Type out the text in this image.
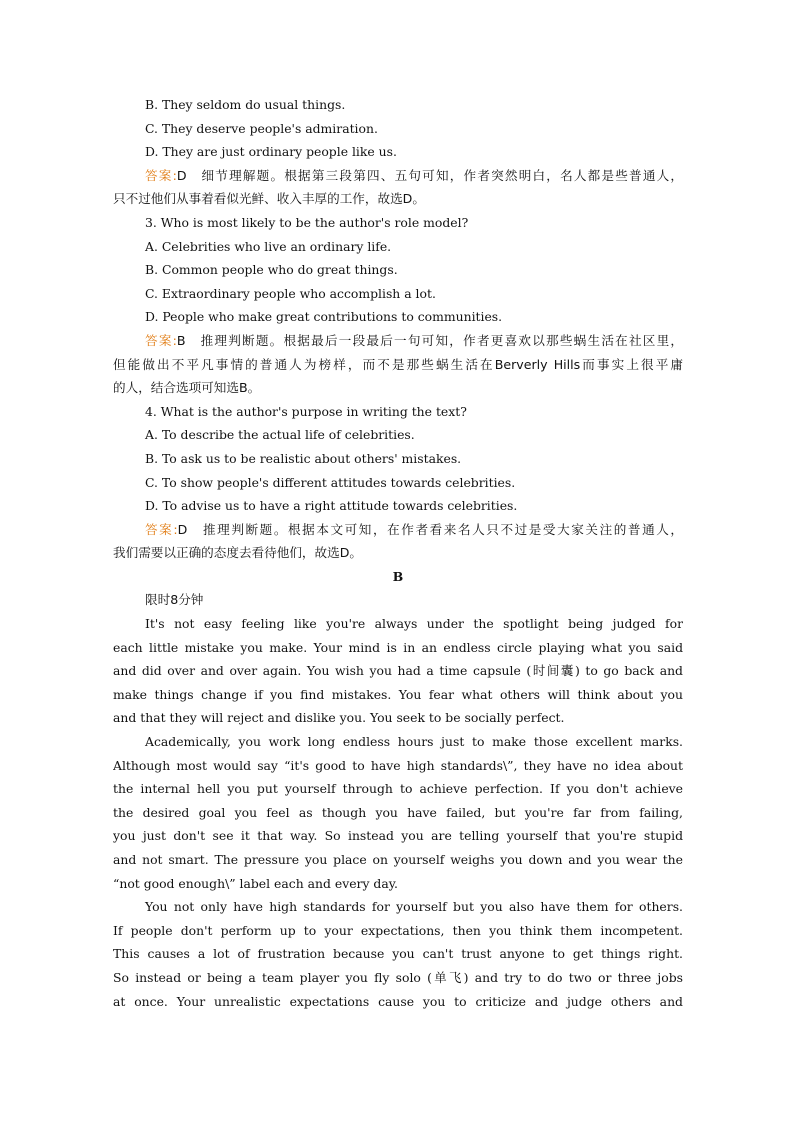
B. They seldom do usual things.
C. They deserve people's admiration.
D. They are just ordinary people like us.
答案:D　细节理解题。根据第三段第四、五句可知，作者突然明白，名人都是些普通人，
只不过他们从事着看似光鲜、收入丰厚的工作，故选D。
3. Who is most likely to be the author's role model?
A. Celebrities who live an ordinary life.
B. Common people who do great things.
C. Extraordinary people who accomplish a lot.
D. People who make great contributions to communities.
答案:B　推理判断题。根据最后一段最后一句可知，作者更喜欢以那些蜗生活在社区里，
但能做出不平凡事情的普通人为榜样，而不是那些蜗生活在Berverly Hills而事实上很平庸
的人，结合选项可知选B。
4. What is the author's purpose in writing the text?
A. To describe the actual life of celebrities.
B. To ask us to be realistic about others' mistakes.
C. To show people's different attitudes towards celebrities.
D. To advise us to have a right attitude towards celebrities.
答案:D　推理判断题。根据本文可知，在作者看来名人只不过是受大家关注的普通人，
我们需要以正确的态度去看待他们，故选D。
B
限时8分钟
It's not easy feeling like you're always under the spotlight being judged for
each little mistake you make. Your mind is in an endless circle playing what you said
and did over and over again. You wish you had a time capsule (时间囊) to go back and
make things change if you find mistakes. You fear what others will think about you
and that they will reject and dislike you. You seek to be socially perfect.
Academically, you work long endless hours just to make those excellent marks.
Although most would say “it's good to have high standards\”, they have no idea about
the internal hell you put yourself through to achieve perfection. If you don't achieve
the desired goal you feel as though you have failed, but you're far from failing,
you just don't see it that way. So instead you are telling yourself that you're stupid
and not smart. The pressure you place on yourself weighs you down and you wear the
“not good enough\” label each and every day.
You not only have high standards for yourself but you also have them for others.
If people don't perform up to your expectations, then you think them incompetent.
This causes a lot of frustration because you can't trust anyone to get things right.
So instead or being a team player you fly solo (单飞) and try to do two or three jobs
at once. Your unrealistic expectations cause you to criticize and judge others and
